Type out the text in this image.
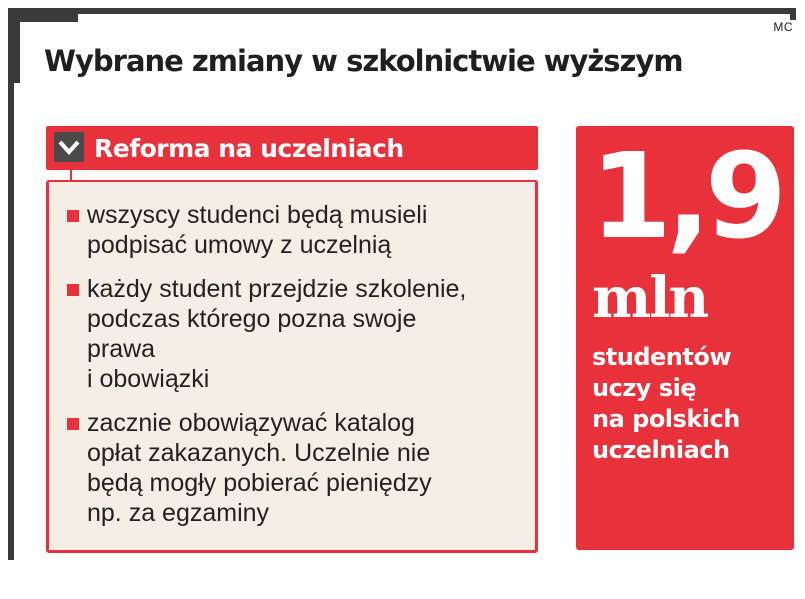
MC
Wybrane zmiany w szkolnictwie wyższym
Reforma na uczelniach
wszyscy studenci będą musieli
podpisać umowy z uczelnią
każdy student przejdzie szkolenie,
podczas którego pozna swoje
prawa
i obowiązki
zacznie obowiązywać katalog
opłat zakazanych. Uczelnie nie
będą mogły pobierać pieniędzy
np. za egzaminy
1,9
mln
studentów
uczy się
na polskich
uczelniach
